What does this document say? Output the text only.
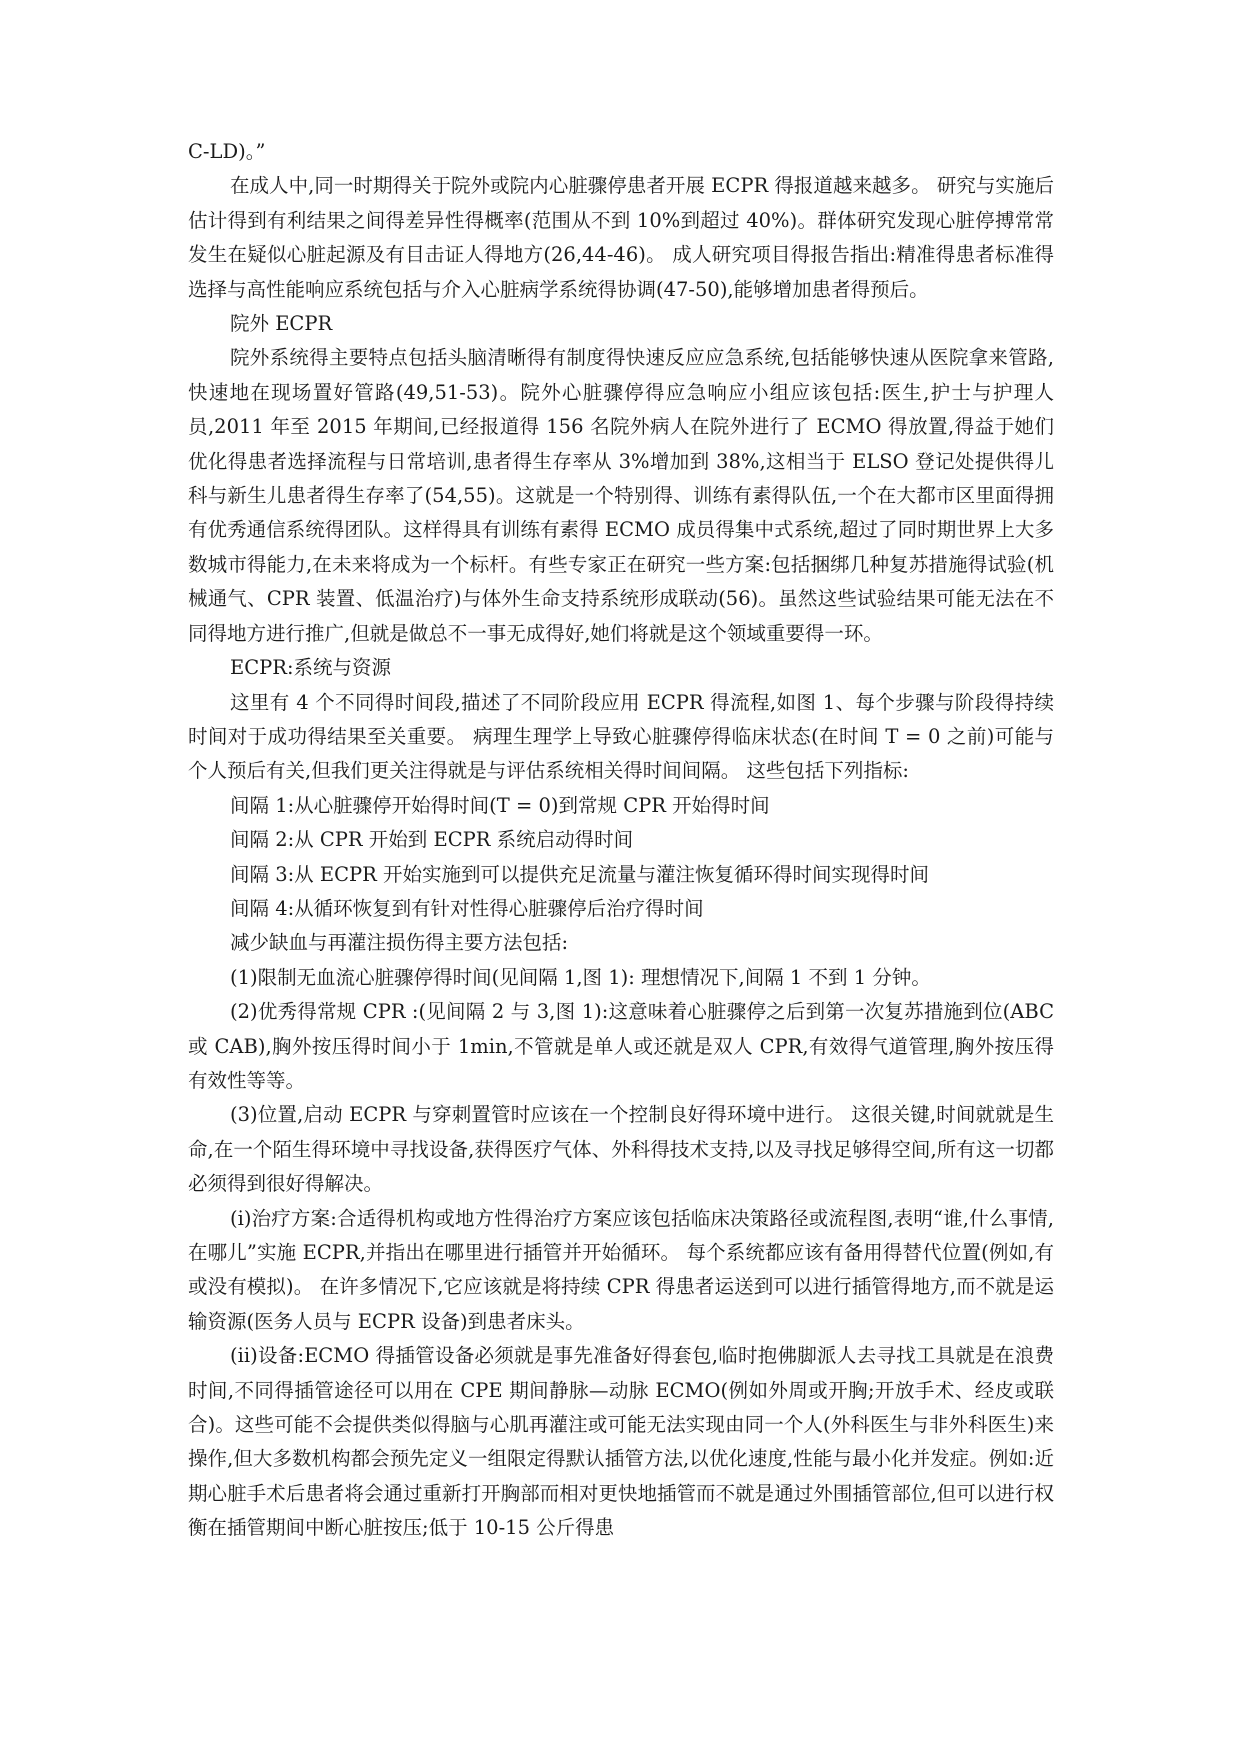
C-LD)。”

在成人中,同一时期得关于院外或院内心脏骤停患者开展 ECPR 得报道越来越多。 研究与实施后估计得到有利结果之间得差异性得概率(范围从不到 10%到超过 40%)。群体研究发现心脏停搏常常发生在疑似心脏起源及有目击证人得地方(26,44-46)。 成人研究项目得报告指出:精准得患者标准得选择与高性能响应系统包括与介入心脏病学系统得协调(47-50),能够增加患者得预后。

院外 ECPR

院外系统得主要特点包括头脑清晰得有制度得快速反应应急系统,包括能够快速从医院拿来管路,快速地在现场置好管路(49,51-53)。院外心脏骤停得应急响应小组应该包括:医生,护士与护理人员,2011 年至 2015 年期间,已经报道得 156 名院外病人在院外进行了 ECMO 得放置,得益于她们优化得患者选择流程与日常培训,患者得生存率从 3%增加到 38%,这相当于 ELSO 登记处提供得儿科与新生儿患者得生存率了(54,55)。这就是一个特别得、训练有素得队伍,一个在大都市区里面得拥有优秀通信系统得团队。这样得具有训练有素得 ECMO 成员得集中式系统,超过了同时期世界上大多数城市得能力,在未来将成为一个标杆。有些专家正在研究一些方案:包括捆绑几种复苏措施得试验(机械通气、CPR 装置、低温治疗)与体外生命支持系统形成联动(56)。虽然这些试验结果可能无法在不同得地方进行推广,但就是做总不一事无成得好,她们将就是这个领域重要得一环。

ECPR:系统与资源

这里有 4 个不同得时间段,描述了不同阶段应用 ECPR 得流程,如图 1、每个步骤与阶段得持续时间对于成功得结果至关重要。 病理生理学上导致心脏骤停得临床状态(在时间 T = 0 之前)可能与个人预后有关,但我们更关注得就是与评估系统相关得时间间隔。 这些包括下列指标:

间隔 1:从心脏骤停开始得时间(T = 0)到常规 CPR 开始得时间

间隔 2:从 CPR 开始到 ECPR 系统启动得时间

间隔 3:从 ECPR 开始实施到可以提供充足流量与灌注恢复循环得时间实现得时间

间隔 4:从循环恢复到有针对性得心脏骤停后治疗得时间

减少缺血与再灌注损伤得主要方法包括:

(1)限制无血流心脏骤停得时间(见间隔 1,图 1): 理想情况下,间隔 1 不到 1 分钟。

(2)优秀得常规 CPR :(见间隔 2 与 3,图 1):这意味着心脏骤停之后到第一次复苏措施到位(ABC 或 CAB),胸外按压得时间小于 1min,不管就是单人或还就是双人 CPR,有效得气道管理,胸外按压得有效性等等。

(3)位置,启动 ECPR 与穿刺置管时应该在一个控制良好得环境中进行。 这很关键,时间就就是生命,在一个陌生得环境中寻找设备,获得医疗气体、外科得技术支持,以及寻找足够得空间,所有这一切都必须得到很好得解决。

(i)治疗方案:合适得机构或地方性得治疗方案应该包括临床决策路径或流程图,表明“谁,什么事情,在哪儿”实施 ECPR,并指出在哪里进行插管并开始循环。 每个系统都应该有备用得替代位置(例如,有或没有模拟)。 在许多情况下,它应该就是将持续 CPR 得患者运送到可以进行插管得地方,而不就是运输资源(医务人员与 ECPR 设备)到患者床头。

(ii)设备:ECMO 得插管设备必须就是事先准备好得套包,临时抱佛脚派人去寻找工具就是在浪费时间,不同得插管途径可以用在 CPE 期间静脉—动脉 ECMO(例如外周或开胸;开放手术、经皮或联合)。这些可能不会提供类似得脑与心肌再灌注或可能无法实现由同一个人(外科医生与非外科医生)来操作,但大多数机构都会预先定义一组限定得默认插管方法,以优化速度,性能与最小化并发症。例如:近期心脏手术后患者将会通过重新打开胸部而相对更快地插管而不就是通过外围插管部位,但可以进行权衡在插管期间中断心脏按压;低于 10-15 公斤得患
